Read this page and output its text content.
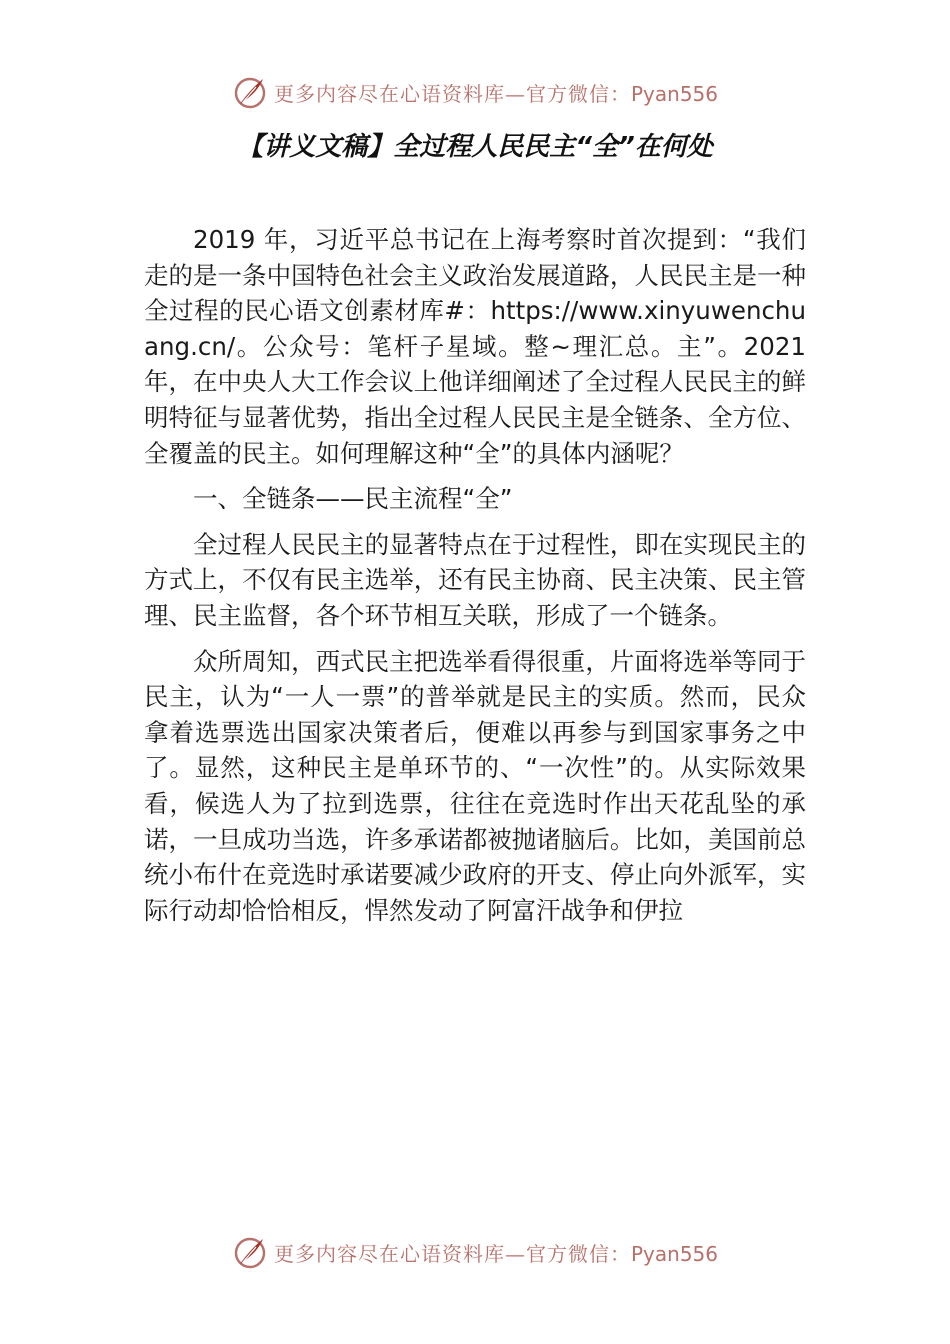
更多内容尽在心语资料库—官方微信：Pyan556
【讲义文稿】全过程人民民主“全”在何处

2019 年，习近平总书记在上海考察时首次提到：“我们走的是一条中国特色社会主义政治发展道路，人民民主是一种全过程的民心语文创素材库#：https://www.xinyuwenchuang.cn/。公众号：笔杆子星域。整~理汇总。主”。2021 年，在中央人大工作会议上他详细阐述了全过程人民民主的鲜明特征与显著优势，指出全过程人民民主是全链条、全方位、全覆盖的民主。如何理解这种“全”的具体内涵呢？

一、全链条——民主流程“全”

全过程人民民主的显著特点在于过程性，即在实现民主的方式上，不仅有民主选举，还有民主协商、民主决策、民主管理、民主监督，各个环节相互关联，形成了一个链条。

众所周知，西式民主把选举看得很重，片面将选举等同于民主，认为“一人一票”的普举就是民主的实质。然而，民众拿着选票选出国家决策者后，便难以再参与到国家事务之中了。显然，这种民主是单环节的、“一次性”的。从实际效果看，候选人为了拉到选票，往往在竞选时作出天花乱坠的承诺，一旦成功当选，许多承诺都被抛诸脑后。比如，美国前总统小布什在竞选时承诺要减少政府的开支、停止向外派军，实际行动却恰恰相反，悍然发动了阿富汗战争和伊拉

更多内容尽在心语资料库—官方微信：Pyan556
